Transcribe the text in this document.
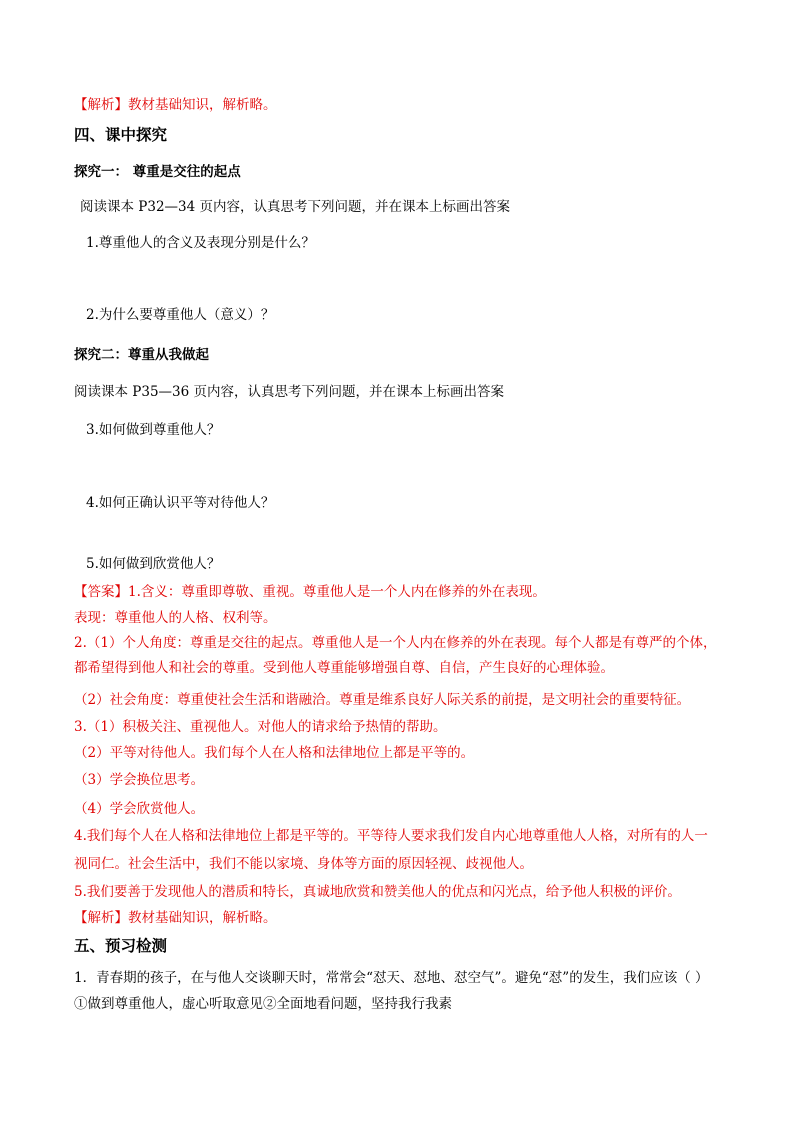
【解析】教材基础知识，解析略。
四、课中探究
探究一： 尊重是交往的起点
阅读课本 P32—34 页内容，认真思考下列问题，并在课本上标画出答案
1.尊重他人的含义及表现分别是什么？
2.为什么要尊重他人（意义）？
探究二：尊重从我做起
阅读课本 P35—36 页内容，认真思考下列问题，并在课本上标画出答案
3.如何做到尊重他人？
4.如何正确认识平等对待他人？
5.如何做到欣赏他人？
【答案】1.含义：尊重即尊敬、重视。尊重他人是一个人内在修养的外在表现。
表现：尊重他人的人格、权利等。
2.（1）个人角度：尊重是交往的起点。尊重他人是一个人内在修养的外在表现。每个人都是有尊严的个体，
都希望得到他人和社会的尊重。受到他人尊重能够增强自尊、自信，产生良好的心理体验。
（2）社会角度：尊重使社会生活和谐融洽。尊重是维系良好人际关系的前提，是文明社会的重要特征。
3.（1）积极关注、重视他人。对他人的请求给予热情的帮助。
（2）平等对待他人。我们每个人在人格和法律地位上都是平等的。
（3）学会换位思考。
（4）学会欣赏他人。
4.我们每个人在人格和法律地位上都是平等的。平等待人要求我们发自内心地尊重他人人格，对所有的人一
视同仁。社会生活中，我们不能以家境、身体等方面的原因轻视、歧视他人。
5.我们要善于发现他人的潜质和特长，真诚地欣赏和赞美他人的优点和闪光点，给予他人积极的评价。
【解析】教材基础知识，解析略。
五、预习检测
1．青春期的孩子，在与他人交谈聊天时，常常会“怼天、怼地、怼空气”。避免“怼”的发生，我们应该（ ）
①做到尊重他人，虚心听取意见②全面地看问题，坚持我行我素
